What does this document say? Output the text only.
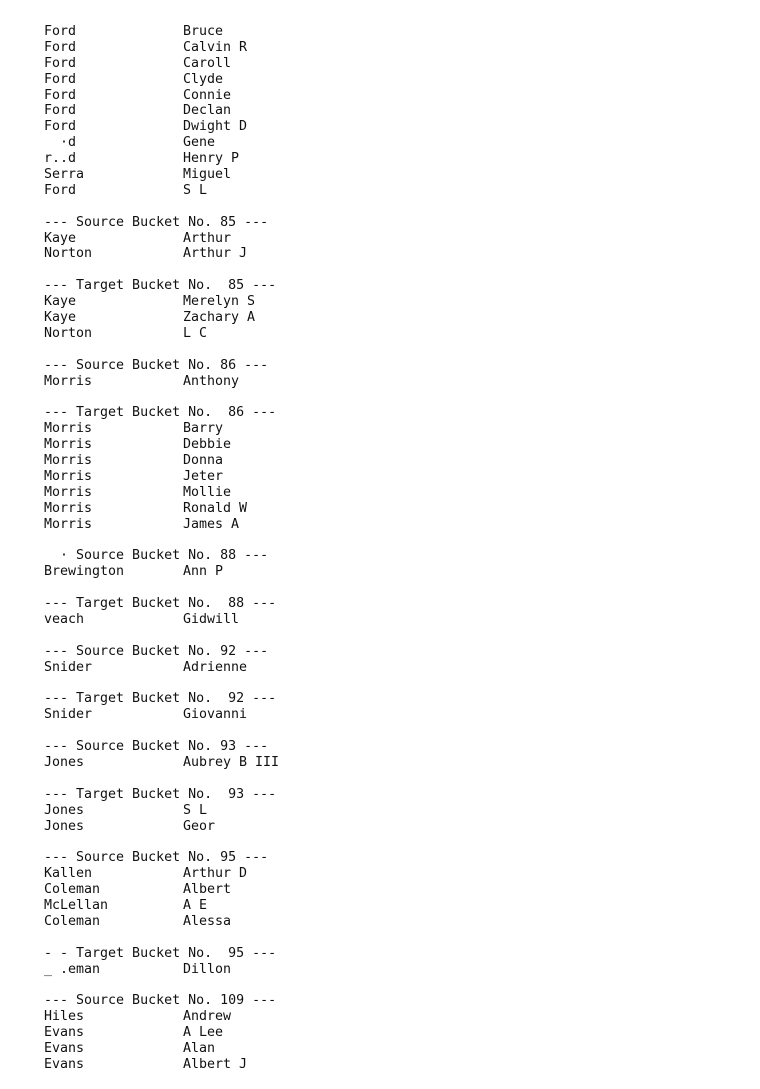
Ford	Bruce
Ford	Calvin R
Ford	Caroll
Ford	Clyde
Ford	Connie
Ford	Declan
Ford	Dwight D
·d	Gene
r..d	Henry P
Serra	Miguel
Ford	S L
--- Source Bucket No. 85 ---
Kaye	Arthur
Norton	Arthur J
--- Target Bucket No.  85 ---
Kaye	Merelyn S
Kaye	Zachary A
Norton	L C
--- Source Bucket No. 86 ---
Morris	Anthony
--- Target Bucket No.  86 ---
Morris	Barry
Morris	Debbie
Morris	Donna
Morris	Jeter
Morris	Mollie
Morris	Ronald W
Morris	James A
· Source Bucket No. 88 ---
Brewington	Ann P
--- Target Bucket No.  88 ---
veach	Gidwill
--- Source Bucket No. 92 ---
Snider	Adrienne
--- Target Bucket No.  92 ---
Snider	Giovanni
--- Source Bucket No. 93 ---
Jones	Aubrey B III
--- Target Bucket No.  93 ---
Jones	S L
Jones	Geor
--- Source Bucket No. 95 ---
Kallen	Arthur D
Coleman	Albert
McLellan	A E
Coleman	Alessa
- - Target Bucket No.  95 ---
_ .eman	Dillon
--- Source Bucket No. 109 ---
Hiles	Andrew
Evans	A Lee
Evans	Alan
Evans	Albert J
